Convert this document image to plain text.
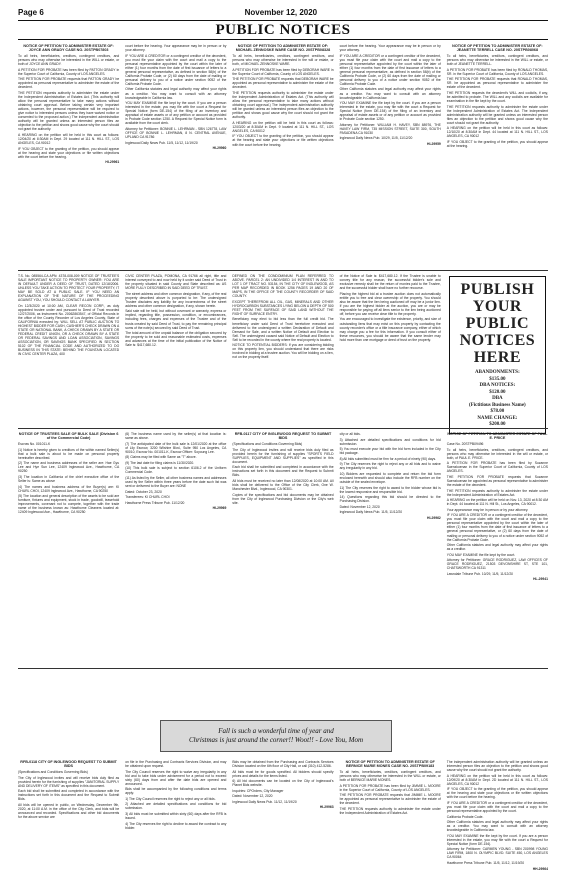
Page 6	November 12, 2020
PUBLIC NOTICES

NOTICE OF PETITION TO ADMINISTER ESTATE OF: JOYCE ANN GRADY CASE NO. 20STPB07803

To all heirs, beneficiaries, creditors, contingent creditors, and persons who may otherwise be interested in the WILL or estate, or both of JOYCE ANN GRADY.

A PETITION FOR PROBATE has been filed by PATTON GRADY in the Superior Court of California, County of LOS ANGELES.

THE PETITION FOR PROBATE requests that PATTON GRADY be appointed as personal representative to administer the estate of the decedent.

THE PETITION requests authority to administer the estate under the Independent Administration of Estates Act. (This authority will allow the personal representative to take many actions without obtaining court approval. Before taking certain very important actions, however, the personal representative will be required to give notice to interested persons unless they have waived notice or consented to the proposed action.) The independent administration authority will be granted unless an interested person files an objection to the petition and shows good cause why the court should not grant the authority.

A HEARING on the petition will be held in this court as follows: 12/04/20 at 8:30AM in Dept. 29 located at 111 N. HILL ST., LOS ANGELES, CA 90012

IF YOU OBJECT to the granting of the petition, you should appear at the hearing and state your objections or file written objections with the court before the hearing.

HI-29961

court before the hearing. Your appearance may be in person or by your attorney.

IF YOU ARE A CREDITOR or a contingent creditor of the decedent, you must file your claim with the court and mail a copy to the personal representative appointed by the court within the later of either (1) four months from the date of first issuance of letters to a general personal representative, as defined in section 58(b) of the California Probate Code, or (2) 60 days from the date of mailing or personal delivery to you of a notice under section 9052 of the California Probate Code.

Other California statutes and legal authority may affect your rights as a creditor. You may want to consult with an attorney knowledgeable in California law.

YOU MAY EXAMINE the file kept by the court. If you are a person interested in the estate, you may file with the court a Request for Special Notice (form DE-154) of the filing of an inventory and appraisal of estate assets or of any petition or account as provided in Probate Code section 1250. A Request for Special Notice form is available from the court clerk.

Attorney for Petitioner: BONNIE L. LEHRMAN - SBN 126778, LAW OFFICE OF BONNIE L. LEHRMAN, 8 N. CENTRAL AVENUE, UPLAND CA 91786

Inglewood Daily News Pub. 11/5, 11/12, 11/19/20

HI-29960

NOTICE OF PETITION TO ADMINISTER ESTATE OF: MICHAEL ZENNOSKE WARE CASE NO. 20STPB08328

To all heirs, beneficiaries, creditors, contingent creditors, and persons who may otherwise be interested in the will or estate, or both, of MICHAEL ZENNOSKE WARE.

A PETITION FOR PROBATE has been filed by DEBORAH WARE in the Superior Court of California, County of LOS ANGELES.

THE PETITION FOR PROBATE requests that DEBORAH WARE be appointed as personal representative to administer the estate of the decedent.

THE PETITION requests authority to administer the estate under the Independent Administration of Estates Act. (This authority will allow the personal representative to take many actions without obtaining court approval.) The independent administration authority will be granted unless an interested person files an objection to the petition and shows good cause why the court should not grant the authority.

A HEARING on the petition will be held in this court as follows: 12/03/20 at 8:30AM in Dept. 9 located at 111 N. HILL ST., LOS ANGELES, CA 90012

IF YOU OBJECT to the granting of the petition, you should appear at the hearing and state your objections or file written objections with the court before the hearing.

court before the hearing. Your appearance may be in person or by your attorney.

IF YOU ARE A CREDITOR or a contingent creditor of the decedent, you must file your claim with the court and mail a copy to the personal representative appointed by the court within the later of either (1) four months from the date of first issuance of letters to a general personal representative, as defined in section 58(b) of the California Probate Code, or (2) 60 days from the date of mailing or personal delivery to you of a notice under section 9052 of the California Probate Code.

Other California statutes and legal authority may affect your rights as a creditor. You may want to consult with an attorney knowledgeable in California law.

YOU MAY EXAMINE the file kept by the court. If you are a person interested in the estate, you may file with the court a Request for Special Notice (form DE-154) of the filing of an inventory and appraisal of estate assets or of any petition or account as provided in Probate Code section 1250.

Attorney for Petitioner: WILLIAM H. HAVEY, SBN 88976, THE HAVEY LAW FIRM, 735 MISSION STREET, SUITE 300, SOUTH PASADENA CA 91030

Inglewood Daily News Pub. 10/29, 11/5, 11/12/20

HI-29959

NOTICE OF PETITION TO ADMINISTER ESTATE OF: JEANETTE TERRELL CASE NO. 20STPB08068

To all heirs, beneficiaries, creditors, contingent creditors, and persons who may otherwise be interested in the WILL or estate, or both of JEANETTE TERRELL.

A PETITION FOR PROBATE has been filed by RONALD THOMAS, SR. in the Superior Court of California, County of LOS ANGELES.

THE PETITION FOR PROBATE requests that RONALD THOMAS, SR. be appointed as personal representative to administer the estate of the decedent.

THE PETITION requests the decedent's WILL and codicils, if any, be admitted to probate. The WILL and any codicils are available for examination in the file kept by the court.

THE PETITION requests authority to administer the estate under the Independent Administration of Estates Act. The independent administration authority will be granted unless an interested person files an objection to the petition and shows good cause why the court should not grant the authority.

A HEARING on the petition will be held in this court as follows: 12/10/20 at 8:30AM in Dept. 44 located at 111 N. HILL ST., LOS ANGELES, CA 90012

IF YOU OBJECT to the granting of the petition, you should appear at the hearing.

T.S. No. 085564-CA APN: 4378-008-009 NOTICE OF TRUSTEE'S SALE IMPORTANT NOTICE TO PROPERTY OWNER: YOU ARE IN DEFAULT UNDER A DEED OF TRUST, DATED 12/18/2006. UNLESS YOU TAKE ACTION TO PROTECT YOUR PROPERTY, IT MAY BE SOLD AT A PUBLIC SALE. IF YOU NEED AN EXPLANATION OF THE NATURE OF THE PROCEEDING AGAINST YOU, YOU SHOULD CONTACT A LAWYER.

On 12/3/2020 at 10:00 AM, CLEAR RECON CORP., as duly appointed trustee under and pursuant to Deed of Trust recorded 12/27/2006, as Instrument No. 20062863547, of Official Records in the office of the County Recorder of Los Angeles County, State of CALIFORNIA executed by: WILL SELL AT PUBLIC AUCTION TO HIGHEST BIDDER FOR CASH, CASHIER'S CHECK DRAWN ON A STATE OR NATIONAL BANK, A CHECK DRAWN BY A STATE OR FEDERAL CREDIT UNION, OR A CHECK DRAWN BY A STATE OR FEDERAL SAVINGS AND LOAN ASSOCIATION, SAVINGS ASSOCIATION, OR SAVINGS BANK SPECIFIED IN SECTION 5102 OF THE FINANCIAL CODE AND AUTHORIZED TO DO BUSINESS IN THIS STATE: BEHIND THE FOUNTAIN LOCATED IN CIVIC CENTER PLAZA, 400

CIVIC CENTER PLAZA, POMONA, CA 91766 all right, title and interest conveyed to and now held by it under said Deed of Trust in the property situated in said County and State described as: AS MORE FULLY DESCRIBED IN SAID DEED OF TRUST.

The street address and other common designation, if any, of the real property described above is purported to be: The undersigned Trustee disclaims any liability for any incorrectness of the street address and other common designation, if any, shown herein.

Said sale will be held, but without covenant or warranty, express or implied, regarding title, possession, condition, or encumbrances, including fees, charges and expenses of the Trustee and of the trusts created by said Deed of Trust, to pay the remaining principal sums of the note(s) secured by said Deed of Trust.

The total amount of the unpaid balance of the obligation secured by the property to be sold and reasonable estimated costs, expenses and advances at the time of the initial publication of the Notice of Sale is: $417,680.12.

DEFINED ON THE CONDOMINIUM PLAN REFERRED TO ABOVE. PARCEL 2: AN UNDIVIDED 1/4 INTEREST IN AND TO LOT 1 OF TRACT NO. 53154, IN THE CITY OF INGLEWOOD, AS PER MAP RECORDED IN BOOK 1256 PAGES 19 AND 20 OF MAPS, IN THE OFFICE OF THE COUNTY RECORDER OF SAID COUNTY.

EXCEPT THEREFROM ALL OIL, GAS, MINERALS AND OTHER HYDROCARBON SUBSTANCES LYING BELOW A DEPTH OF 500 FEET FROM THE SURFACE OF SAID LAND WITHOUT THE RIGHT OF SURFACE ENTRY.

Beneficiary may elect to bid less than the full credit bid. The beneficiary under said Deed of Trust heretofore executed and delivered to the undersigned a written Declaration of Default and Demand for Sale, and a written Notice of Default and Election to Sell. The undersigned caused said Notice of Default and Election to Sell to be recorded in the county where the real property is located.

NOTICE TO POTENTIAL BIDDERS: If you are considering bidding on this property lien, you should understand that there are risks involved in bidding at a trustee auction. You will be bidding on a lien, not on the property itself.

of the Notice of Sale is: $417,680.12. If the Trustee is unable to convey title for any reason, the successful bidder's sole and exclusive remedy shall be the return of monies paid to the Trustee, and the successful bidder shall have no further recourse.

Placing the highest bid at a trustee auction does not automatically entitle you to free and clear ownership of the property. You should also be aware that the lien being auctioned off may be a junior lien. If you are the highest bidder at the auction, you are or may be responsible for paying off all liens senior to the lien being auctioned off, before you can receive clear title to the property.

You are encouraged to investigate the existence, priority, and size of outstanding liens that may exist on this property by contacting the county recorder's office or a title insurance company, either of which may charge you a fee for this information. If you consult either of these resources, you should be aware that the same lender may hold more than one mortgage or deed of trust on the property.

PUBLISH
YOUR
PUBLIC
NOTICES
HERE
ABANDONMENTS:
$135.00
DBA NOTICES:
$120.00
DBA
(Fictitious Business Name)
$78.00
NAME CHANGE:
$200.00

NOTICE OF TRUSTEES SALE OF BULK SALE (Division 6 of the Commercial Code)

Escrow No. 001011-K

(1) Notice is hereby given to creditors of the within named Seller(s) that a bulk sale is about to be made on personal property hereinafter described.

(2) The name and business addresses of the seller are: Hae Gyu Lee and Hye Sun Lee, 12409 Inglewood Ave., Hawthorne, CA 90250

(3) The location in California of the chief executive office of the Seller is: Same as above

(4) The names and business address of the Buyer(s) are: KI CHURL CHOI, 12409 Inglewood Ave., Hawthorne, CA 90250

(5) The location and general description of the assets to be sold are furniture, fixtures and equipment, stock in trade, goodwill, leasehold improvements, covenant not to compete, together with the trade name of the business known as: Hawthorne Cleaners located at: 12409 Inglewood Ave., Hawthorne, CA 90250

(6) The business name used by the seller(s) at that location is: same as above.

(7) The anticipated date of the bulk sale is 12/01/2020 at the office of Lily Escrow, 3200 Wilshire Blvd., Suite 950 Los Angeles, CA 90010, Escrow No. 001011-K, Escrow Officer: Soyoung Lee.

(8) Claims may be filed with Same as "7" above.

(9) The last date for filing claims is 11/30/2020.

(10) This bulk sale is subject to section 6106.2 of the Uniform Commercial Code.

(11) As listed by the Seller, all other business names and addresses used by the Seller within three years before the date such list was sent or delivered to the Buyer are: NONE

Dated: October 23, 2020

Transferees: KI CHURL CHOI

Hawthorne Press Tribune Pub. 11/12/20

HI-29969

RFB-0117 CITY OF INGLEWOOD REQUEST TO SUBMIT BIDS

(Specifications and Conditions Governing Bids)

The City of Inglewood invites and will receive bids duly filed as provided herein for the furnishing of supplies "SPORTS FIELD SUPPLIES, EQUIPMENT AND SUPPLIES" as specified in this document.

Each bid shall be submitted and completed in accordance with the instructions set forth in this document and the Request to Submit Bids.

All bids must be received no later than 12/08/2020 at 10:00 AM. All bids shall be delivered to the Office of the City Clerk, One W. Manchester Blvd., Inglewood, CA 90301.

Copies of the specifications and bid documents may be obtained from the City of Inglewood Purchasing Division or the City's web site.

city or all bids.

3) Attached are detailed specifications and conditions for bid submission.

5) You must execute your bid with the bid form included in the City bid package.

8) All bids submitted must be firm for a period of ninety (90) days.

9) The City reserves the right to reject any or all bids and to waive any irregularity in any bid.

10) Bidders are requested to complete and return the bid form enclosed herewith and should also include the RFB number on the outside of the sealed envelope.

11) The City reserves the right to award to the bidder whose bid is the lowest responsive and responsible bid.

14) Questions regarding this bid should be directed to the Purchasing Division.

Dated: November 12, 2020

Inglewood Daily News Pub. 11/5, 11/12/20

HI-29962

NOTICE OF PETITION TO ADMINISTER ESTATE OF PAUL E. PRICE

Case No. 20STPB09496

To all heirs, beneficiaries, creditors, contingent creditors, and persons who may otherwise be interested in the will or estate, or both, of PAUL E. PRICE.

A PETITION FOR PROBATE has been filed by Suzanne Saenzkoenan in the Superior Court of California, County of LOS ANGELES.

THE PETITION FOR PROBATE requests that Suzanne Saenzkoenan be appointed as personal representative to administer the estate of the decedent.

THE PETITION requests authority to administer the estate under the Independent Administration of Estates Act.

A HEARING on the petition will be held on Nov. 13, 2020 at 8:30 AM in Dept. 44 located at 111 N. Hill St., Los Angeles, CA 90012.

Your appearance may be in person or by your attorney.

IF YOU ARE A CREDITOR or a contingent creditor of the decedent, you must file your claim with the court and mail a copy to the personal representative appointed by the court within the later of either (1) four months from the date of first issuance of letters to a general personal representative, or (2) 60 days from the date of mailing or personal delivery to you of a notice under section 9052 of the California Probate Code.

Other California statutes and legal authority may affect your rights as a creditor.

YOU MAY EXAMINE the file kept by the court.

Attorney for Petitioner: GRACE RODRIGUEZ, LAW OFFICES OF GRACE RODRIGUEZ, 21503 DEVONSHIRE ST, STE 101, CHATSWORTH CA 91311

Lawndale Tribune Pub. 10/29, 11/5, 11/12/20

HL-29941

Fall is such a wonderful time of year and
Christmas is just around the corner!! Woot!! - Love You, Mom

RFB-0118 CITY OF INGLEWOOD REQUEST TO SUBMIT BIDS

(Specifications and Conditions Governing Bids)

The City of Inglewood invites and will receive bids duly filed as provided herein for the furnishing of supplies "JANITORIAL SUPPLY AND DELIVERY OF ITEMS" as specified in this document.

Each bid shall be submitted and completed in accordance with the instructions set forth in this document and the Request to Submit Bids.

All bids will be opened in public, on Wednesday, December 9th, 2020, at 11:00 A.M. in the office of the City Clerk, and bids will be announced and recorded. Specifications and other bid documents for the above service are

on file in the Purchasing and Contracts Services Division, and may be obtained upon request.

The City Council reserves the right to waive any irregularity in any bid and to take bids under advisement for a period not to exceed sixty (60) days from and after the date bids are opened and announced.

Bids shall be accompanied by the following conditions and terms apply:

1) The City Council reserves the right to reject any or all bids.

2) Attached are detailed specifications and conditions for bid submission.

3) All bids must be submitted within sixty (60) days after the RFB is issued.

4) The City reserves the right to decline to award the contract to any bidder.

Bids may be obtained from the Purchasing and Contracts Services Division located on the 6th floor of City Hall, or call (310) 412-5286.

All bids must be for goods specified. All bidders should specify prices and details for the items listed.

6) All bid documents can be located on the City of Inglewood's Planet Bids website.

Inquiries: CPOrders, City Manager

Dated: November 12, 2020

Inglewood Daily News Pub. 11/12, 11/19/20

HI-29963

NOTICE OF PETITION TO ADMINISTER ESTATE OF BERNICE MARIE MONES CASE NO. 20STPB09183

To all heirs, beneficiaries, creditors, contingent creditors, and persons who may otherwise be interested in the WILL or estate, or both of BERNICE MARIE MONES.

A PETITION FOR PROBATE has been filed by JIMMIE L. MOORE in the Superior Court of California, County of LOS ANGELES.

THE PETITION FOR PROBATE requests that JIMMIE L. MOORE be appointed as personal representative to administer the estate of the decedent.

THE PETITION requests authority to administer the estate under the Independent Administration of Estates Act.

The independent administration authority will be granted unless an interested person files an objection to the petition and shows good cause why the court should not grant the authority.

A HEARING on the petition will be held in this court as follows: 12/09/20 at 8:30AM in Dept. 2D located at 111 N. HILL ST., LOS ANGELES, CA 90012

IF YOU OBJECT to the granting of the petition, you should appear at the hearing and state your objections or file written objections with the court before the hearing.

IF YOU ARE A CREDITOR or a contingent creditor of the decedent, you must file your claim with the court and mail a copy to the personal representative appointed by the court.

California Probate Code.

Other California statutes and legal authority may affect your rights as a creditor. You may want to consult with an attorney knowledgeable in California law.

YOU MAY EXAMINE the file kept by the court. If you are a person interested in the estate, you may file with the court a Request for Special Notice (form DE-154).

Attorney for Petitioner: CARMEN YOUNG - SBN 200998 YOUNG LAW FIRM, 1800 N. OLYMPIC BLVD. SUITE 450, LOS ANGELES CA 90064

Hawthorne Press Tribune Pub. 11/5, 11/12, 11/19/20

HH-29964
